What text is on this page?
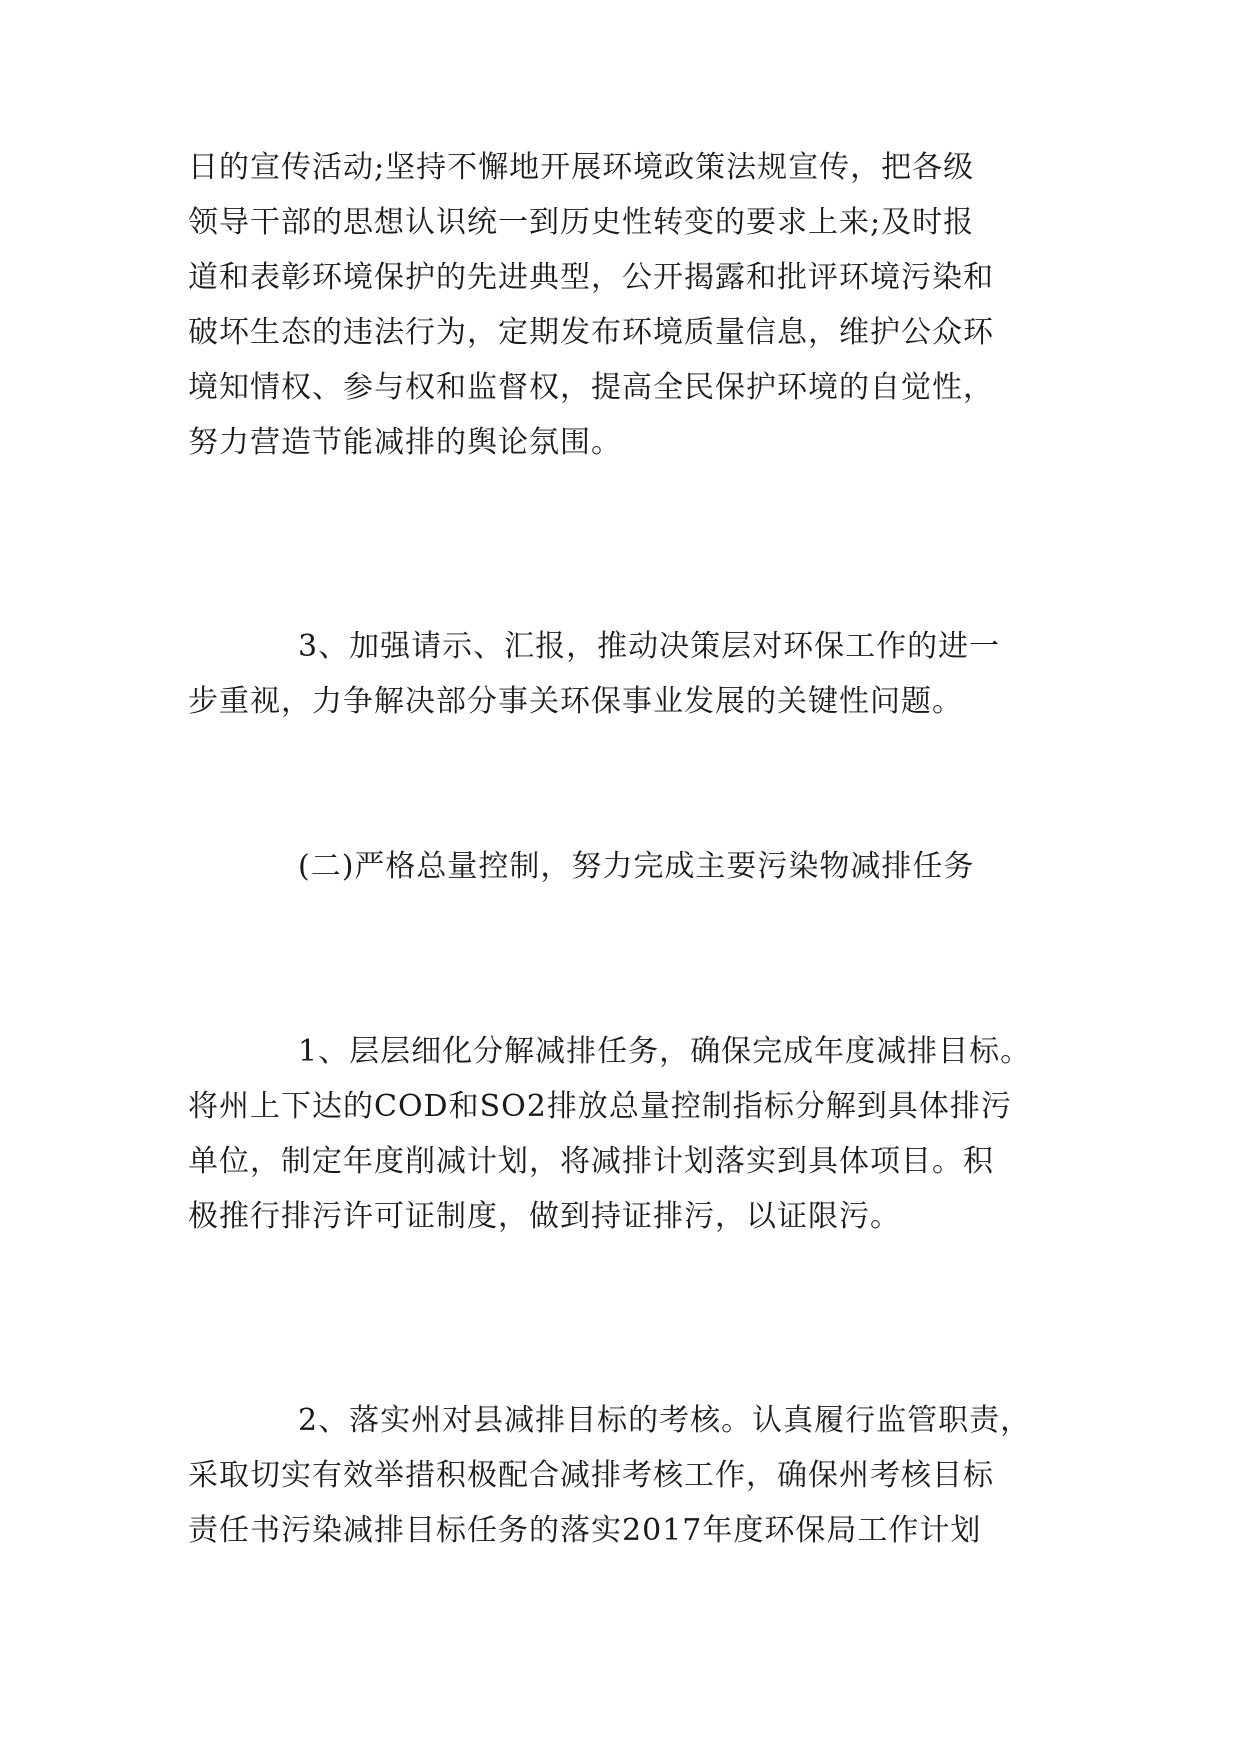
日的宣传活动;坚持不懈地开展环境政策法规宣传，把各级
领导干部的思想认识统一到历史性转变的要求上来;及时报
道和表彰环境保护的先进典型，公开揭露和批评环境污染和
破坏生态的违法行为，定期发布环境质量信息，维护公众环
境知情权、参与权和监督权，提高全民保护环境的自觉性，
努力营造节能减排的舆论氛围。
3、加强请示、汇报，推动决策层对环保工作的进一
步重视，力争解决部分事关环保事业发展的关键性问题。
(二)严格总量控制，努力完成主要污染物减排任务
1、层层细化分解减排任务，确保完成年度减排目标。
将州上下达的COD和SO2排放总量控制指标分解到具体排污
单位，制定年度削减计划，将减排计划落实到具体项目。积
极推行排污许可证制度，做到持证排污，以证限污。
2、落实州对县减排目标的考核。认真履行监管职责，
采取切实有效举措积极配合减排考核工作，确保州考核目标
责任书污染减排目标任务的落实2017年度环保局工作计划
